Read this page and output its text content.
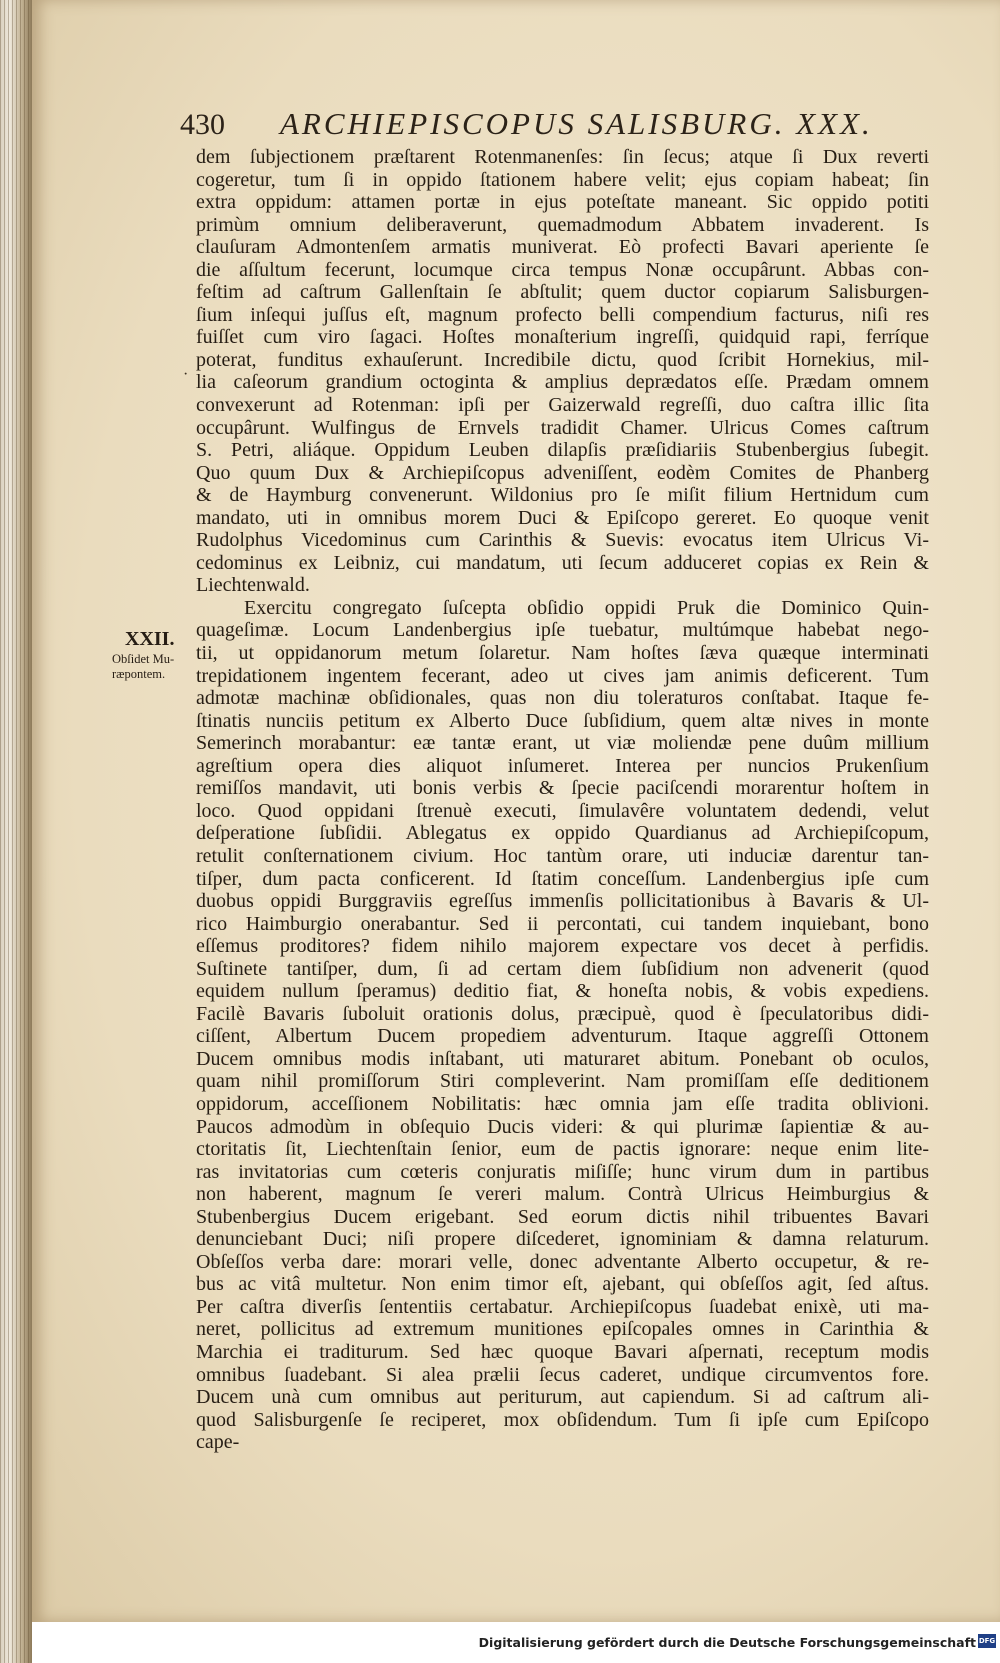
430 ARCHIEPISCOPUS SALISBURG. XXX.
XXII.
Obſidet Mu-
ræpontem.
·
dem ſubjectionem præſtarent Rotenmanenſes: ſin ſecus; atque ſi Dux reverti
cogeretur, tum ſi in oppido ſtationem habere velit; ejus copiam habeat; ſin
extra oppidum: attamen portæ in ejus poteſtate maneant. Sic oppido potiti
primùm omnium deliberaverunt, quemadmodum Abbatem invaderent. Is
clauſuram Admontenſem armatis muniverat. Eò profecti Bavari aperiente ſe
die aſſultum fecerunt, locumque circa tempus Nonæ occupârunt. Abbas con-
feſtim ad caſtrum Gallenſtain ſe abſtulit; quem ductor copiarum Salisburgen-
ſium inſequi juſſus eſt, magnum profecto belli compendium facturus, niſi res
fuiſſet cum viro ſagaci. Hoſtes monaſterium ingreſſi, quidquid rapi, ferríque
poterat, funditus exhauſerunt. Incredibile dictu, quod ſcribit Hornekius, mil-
lia caſeorum grandium octoginta & amplius deprædatos eſſe. Prædam omnem
convexerunt ad Rotenman: ipſi per Gaizerwald regreſſi, duo caſtra illic ſita
occupârunt. Wulfingus de Ernvels tradidit Chamer. Ulricus Comes caſtrum
S. Petri, aliáque. Oppidum Leuben dilapſis præſidiariis Stubenbergius ſubegit.
Quo quum Dux & Archiepiſcopus adveniſſent, eodèm Comites de Phanberg
& de Haymburg convenerunt. Wildonius pro ſe miſit filium Hertnidum cum
mandato, uti in omnibus morem Duci & Epiſcopo gereret. Eo quoque venit
Rudolphus Vicedominus cum Carinthis & Suevis: evocatus item Ulricus Vi-
cedominus ex Leibniz, cui mandatum, uti ſecum adduceret copias ex Rein &
Liechtenwald.
Exercitu congregato ſuſcepta obſidio oppidi Pruk die Dominico Quin-
quageſimæ. Locum Landenbergius ipſe tuebatur, multúmque habebat nego-
tii, ut oppidanorum metum ſolaretur. Nam hoſtes ſæva quæque interminati
trepidationem ingentem fecerant, adeo ut cives jam animis deficerent. Tum
admotæ machinæ obſidionales, quas non diu toleraturos conſtabat. Itaque fe-
ſtinatis nunciis petitum ex Alberto Duce ſubſidium, quem altæ nives in monte
Semerinch morabantur: eæ tantæ erant, ut viæ moliendæ pene duûm millium
agreſtium opera dies aliquot inſumeret. Interea per nuncios Prukenſium
remiſſos mandavit, uti bonis verbis & ſpecie paciſcendi morarentur hoſtem in
loco. Quod oppidani ſtrenuè executi, ſimulavêre voluntatem dedendi, velut
deſperatione ſubſidii. Ablegatus ex oppido Quardianus ad Archiepiſcopum,
retulit conſternationem civium. Hoc tantùm orare, uti induciæ darentur tan-
tiſper, dum pacta conficerent. Id ſtatim conceſſum. Landenbergius ipſe cum
duobus oppidi Burggraviis egreſſus immenſis pollicitationibus à Bavaris & Ul-
rico Haimburgio onerabantur. Sed ii percontati, cui tandem inquiebant, bono
eſſemus proditores? fidem nihilo majorem expectare vos decet à perfidis.
Suſtinete tantiſper, dum, ſi ad certam diem ſubſidium non advenerit (quod
equidem nullum ſperamus) deditio fiat, & honeſta nobis, & vobis expediens.
Facilè Bavaris ſuboluit orationis dolus, præcipuè, quod è ſpeculatoribus didi-
ciſſent, Albertum Ducem propediem adventurum. Itaque aggreſſi Ottonem
Ducem omnibus modis inſtabant, uti maturaret abitum. Ponebant ob oculos,
quam nihil promiſſorum Stiri compleverint. Nam promiſſam eſſe deditionem
oppidorum, acceſſionem Nobilitatis: hæc omnia jam eſſe tradita oblivioni.
Paucos admodùm in obſequio Ducis videri: & qui plurimæ ſapientiæ & au-
ctoritatis ſit, Liechtenſtain ſenior, eum de pactis ignorare: neque enim lite-
ras invitatorias cum cœteris conjuratis miſiſſe; hunc virum dum in partibus
non haberent, magnum ſe vereri malum. Contrà Ulricus Heimburgius &
Stubenbergius Ducem erigebant. Sed eorum dictis nihil tribuentes Bavari
denunciebant Duci; niſi propere diſcederet, ignominiam & damna relaturum.
Obſeſſos verba dare: morari velle, donec adventante Alberto occupetur, & re-
bus ac vitâ multetur. Non enim timor eſt, ajebant, qui obſeſſos agit, ſed aſtus.
Per caſtra diverſis ſententiis certabatur. Archiepiſcopus ſuadebat enixè, uti ma-
neret, pollicitus ad extremum munitiones epiſcopales omnes in Carinthia &
Marchia ei traditurum. Sed hæc quoque Bavari aſpernati, receptum modis
omnibus ſuadebant. Si alea prælii ſecus caderet, undique circumventos fore.
Ducem unà cum omnibus aut periturum, aut capiendum. Si ad caſtrum ali-
quod Salisburgenſe ſe reciperet, mox obſidendum. Tum ſi ipſe cum Epiſcopo
cape-
Digitalisierung gefördert durch die Deutsche Forschungsgemeinschaft DFG
